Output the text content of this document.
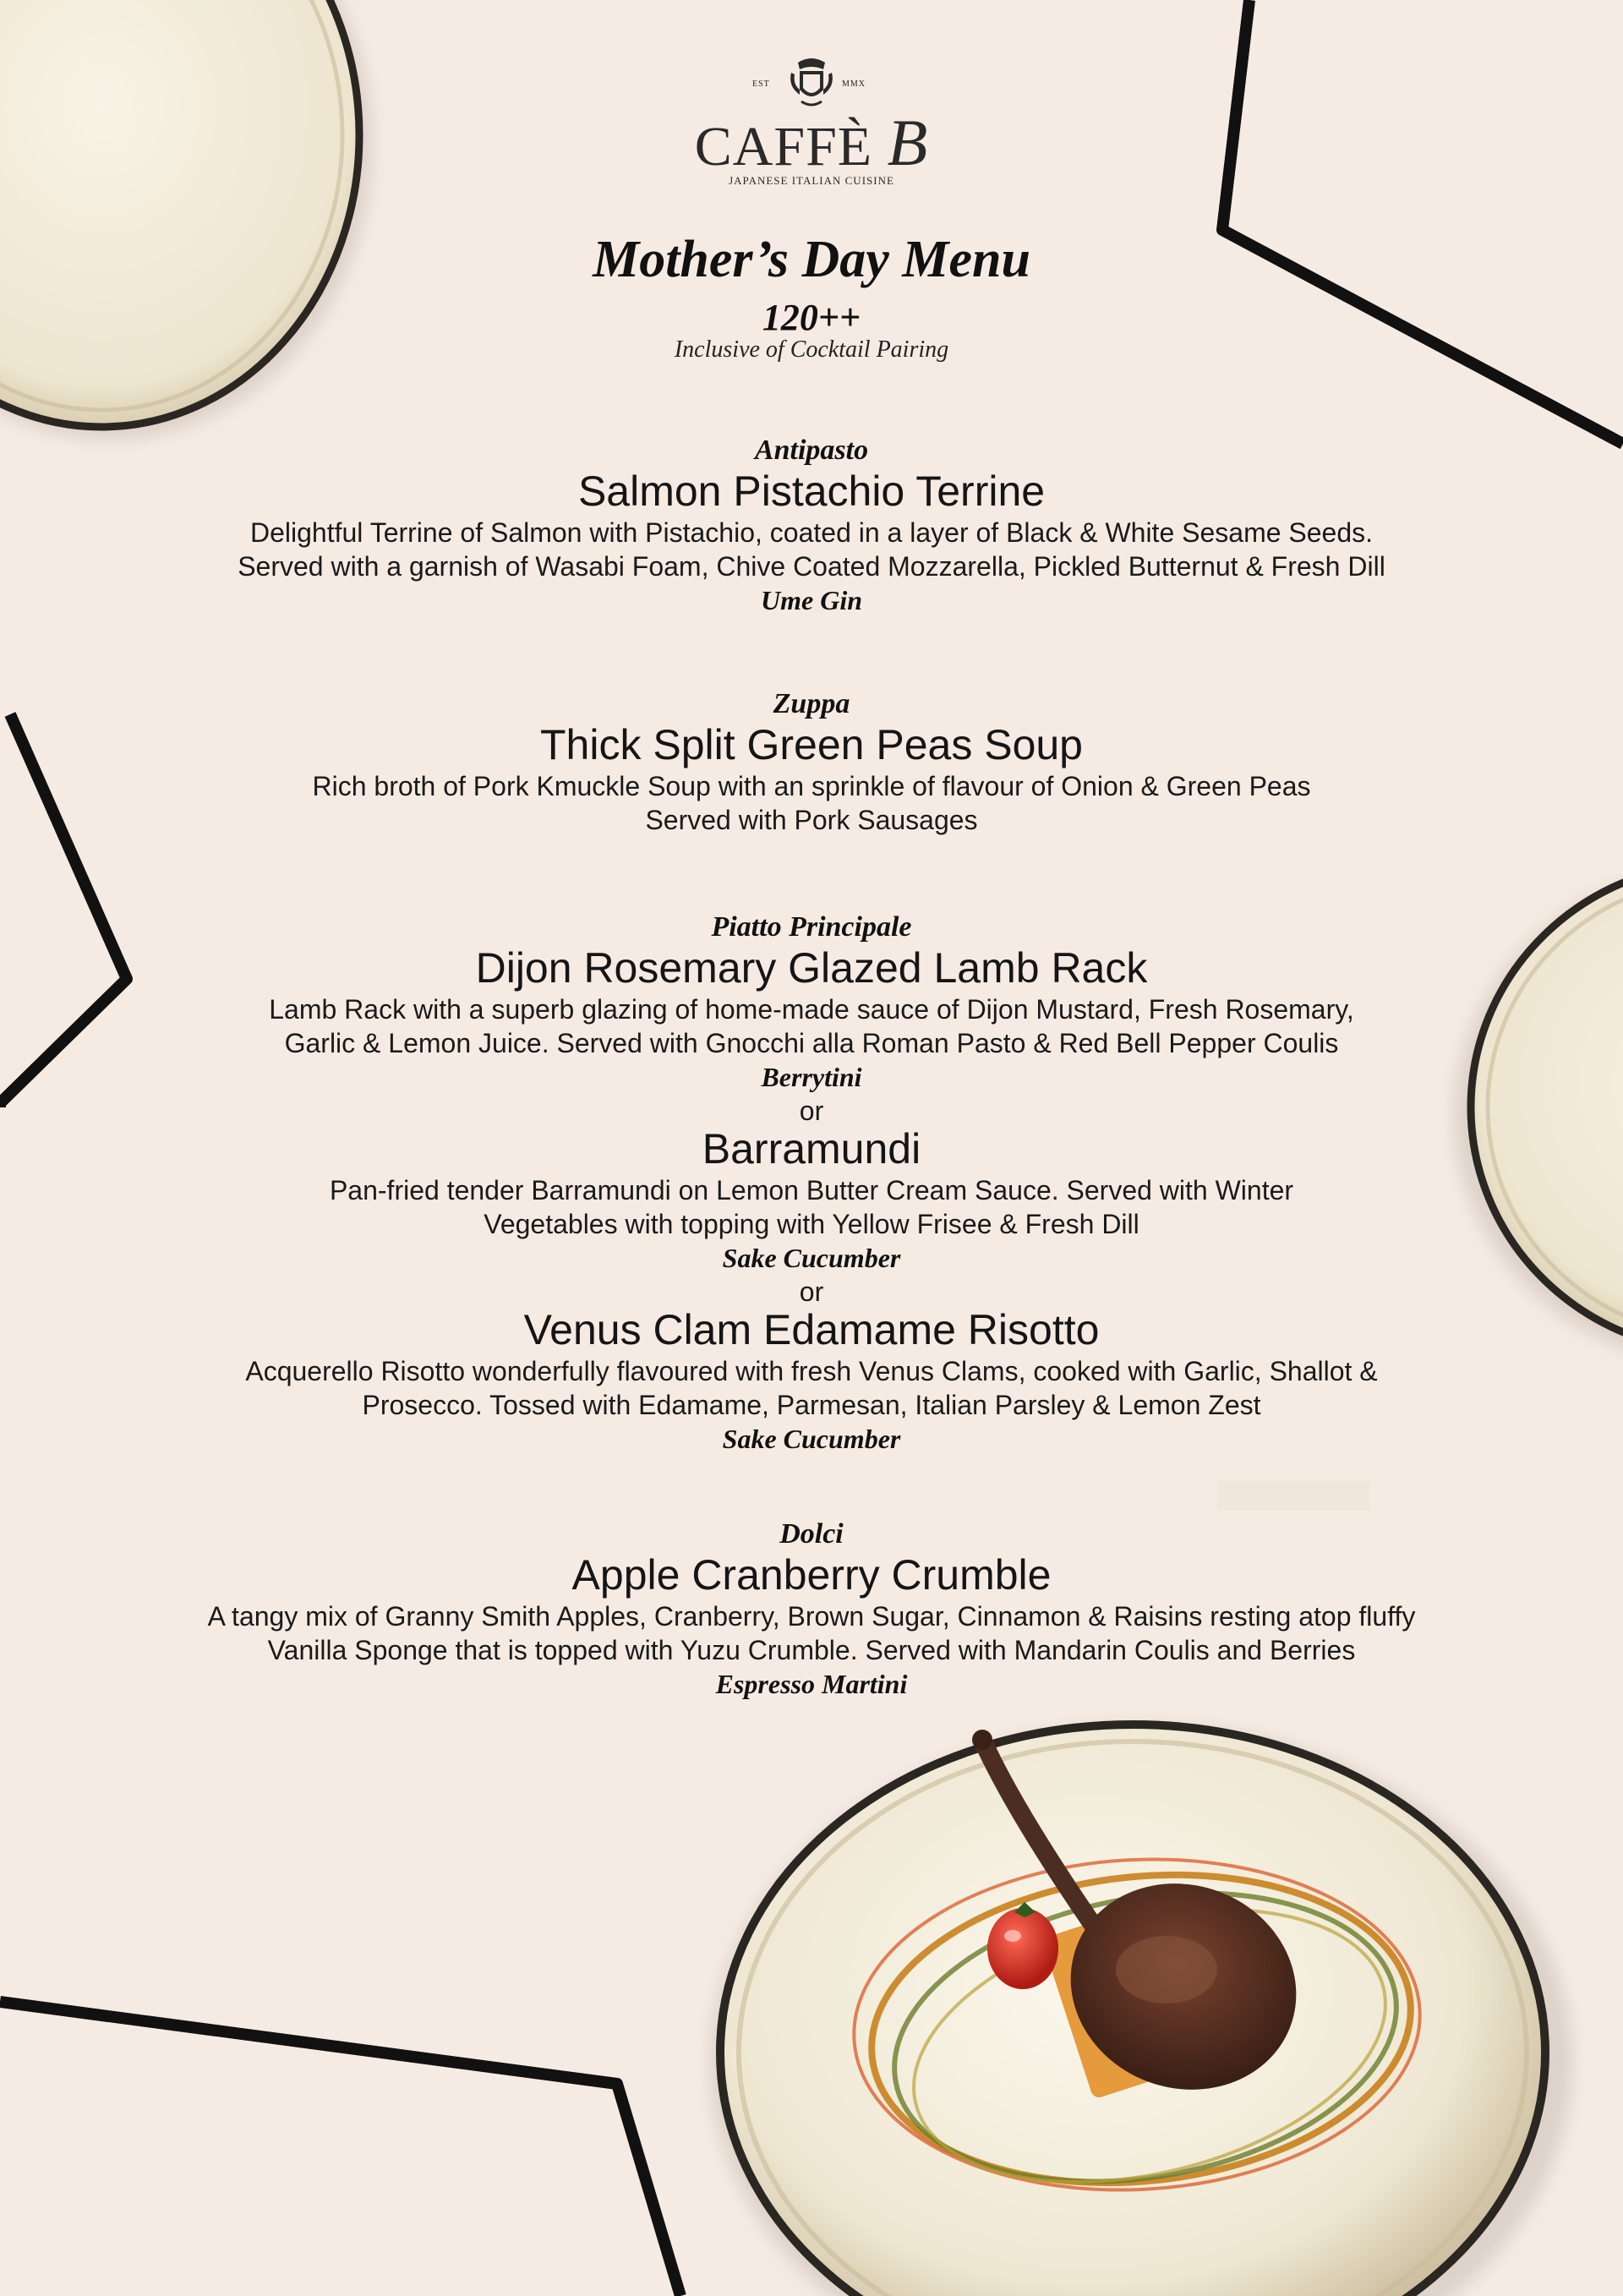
EST	MMX
CAFFÈ B
JAPANESE ITALIAN CUISINE
Mother’s Day Menu
120++
Inclusive of Cocktail Pairing
Antipasto
Salmon Pistachio Terrine
Delightful Terrine of Salmon with Pistachio, coated in a layer of Black & White Sesame Seeds.
Served with a garnish of Wasabi Foam, Chive Coated Mozzarella, Pickled Butternut & Fresh Dill
Ume Gin
Zuppa
Thick Split Green Peas Soup
Rich broth of Pork Kmuckle Soup with an sprinkle of flavour of Onion & Green Peas
Served with Pork Sausages
Piatto Principale
Dijon Rosemary Glazed Lamb Rack
Lamb Rack with a superb glazing of home-made sauce of Dijon Mustard, Fresh Rosemary,
Garlic & Lemon Juice. Served with Gnocchi alla Roman Pasto & Red Bell Pepper Coulis
Berrytini
or
Barramundi
Pan-fried tender Barramundi on Lemon Butter Cream Sauce. Served with Winter
Vegetables with topping with Yellow Frisee & Fresh Dill
Sake Cucumber
or
Venus Clam Edamame Risotto
Acquerello Risotto wonderfully flavoured with fresh Venus Clams, cooked with Garlic, Shallot &
Prosecco. Tossed with Edamame, Parmesan, Italian Parsley & Lemon Zest
Sake Cucumber
Dolci
Apple Cranberry Crumble
A tangy mix of Granny Smith Apples, Cranberry, Brown Sugar, Cinnamon & Raisins resting atop fluffy
Vanilla Sponge that is topped with Yuzu Crumble. Served with Mandarin Coulis and Berries
Espresso Martini
